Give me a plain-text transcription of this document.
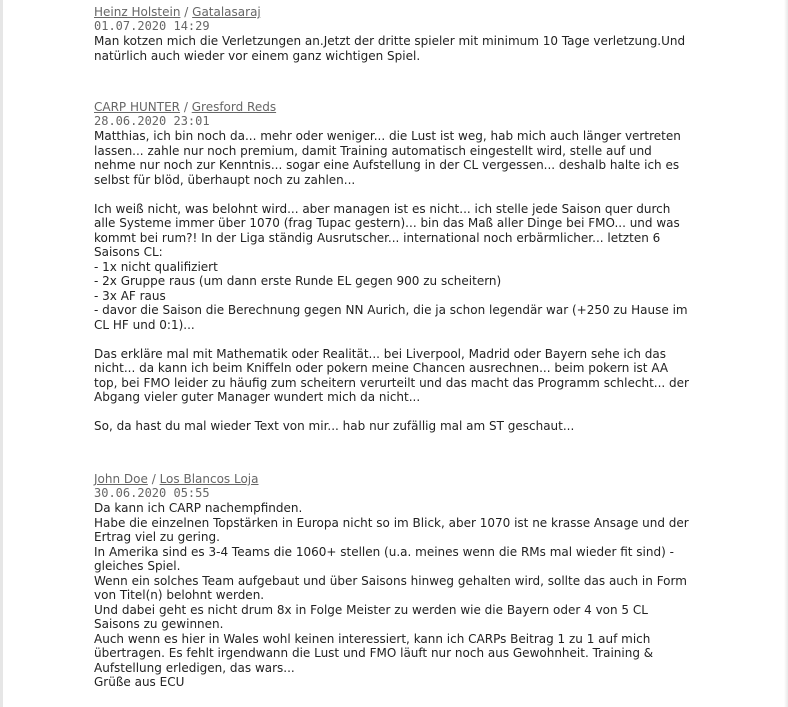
Heinz Holstein / Gatalasaraj
01.07.2020 14:29
Man kotzen mich die Verletzungen an.Jetzt der dritte spieler mit minimum 10 Tage verletzung.Und
natürlich auch wieder vor einem ganz wichtigen Spiel.
CARP HUNTER / Gresford Reds
28.06.2020 23:01
Matthias, ich bin noch da... mehr oder weniger... die Lust ist weg, hab mich auch länger vertreten
lassen... zahle nur noch premium, damit Training automatisch eingestellt wird, stelle auf und
nehme nur noch zur Kenntnis... sogar eine Aufstellung in der CL vergessen... deshalb halte ich es
selbst für blöd, überhaupt noch zu zahlen...

Ich weiß nicht, was belohnt wird... aber managen ist es nicht... ich stelle jede Saison quer durch
alle Systeme immer über 1070 (frag Tupac gestern)... bin das Maß aller Dinge bei FMO... und was
kommt bei rum?! In der Liga ständig Ausrutscher... international noch erbärmlicher... letzten 6
Saisons CL:
- 1x nicht qualifiziert
- 2x Gruppe raus (um dann erste Runde EL gegen 900 zu scheitern)
- 3x AF raus
- davor die Saison die Berechnung gegen NN Aurich, die ja schon legendär war (+250 zu Hause im
CL HF und 0:1)...

Das erkläre mal mit Mathematik oder Realität... bei Liverpool, Madrid oder Bayern sehe ich das
nicht... da kann ich beim Kniffeln oder pokern meine Chancen ausrechnen... beim pokern ist AA
top, bei FMO leider zu häufig zum scheitern verurteilt und das macht das Programm schlecht... der
Abgang vieler guter Manager wundert mich da nicht...

So, da hast du mal wieder Text von mir... hab nur zufällig mal am ST geschaut...
John Doe / Los Blancos Loja
30.06.2020 05:55
Da kann ich CARP nachempfinden.
Habe die einzelnen Topstärken in Europa nicht so im Blick, aber 1070 ist ne krasse Ansage und der
Ertrag viel zu gering.
In Amerika sind es 3-4 Teams die 1060+ stellen (u.a. meines wenn die RMs mal wieder fit sind) -
gleiches Spiel.
Wenn ein solches Team aufgebaut und über Saisons hinweg gehalten wird, sollte das auch in Form
von Titel(n) belohnt werden.
Und dabei geht es nicht drum 8x in Folge Meister zu werden wie die Bayern oder 4 von 5 CL
Saisons zu gewinnen.
Auch wenn es hier in Wales wohl keinen interessiert, kann ich CARPs Beitrag 1 zu 1 auf mich
übertragen. Es fehlt irgendwann die Lust und FMO läuft nur noch aus Gewohnheit. Training &
Aufstellung erledigen, das wars...
Grüße aus ECU
